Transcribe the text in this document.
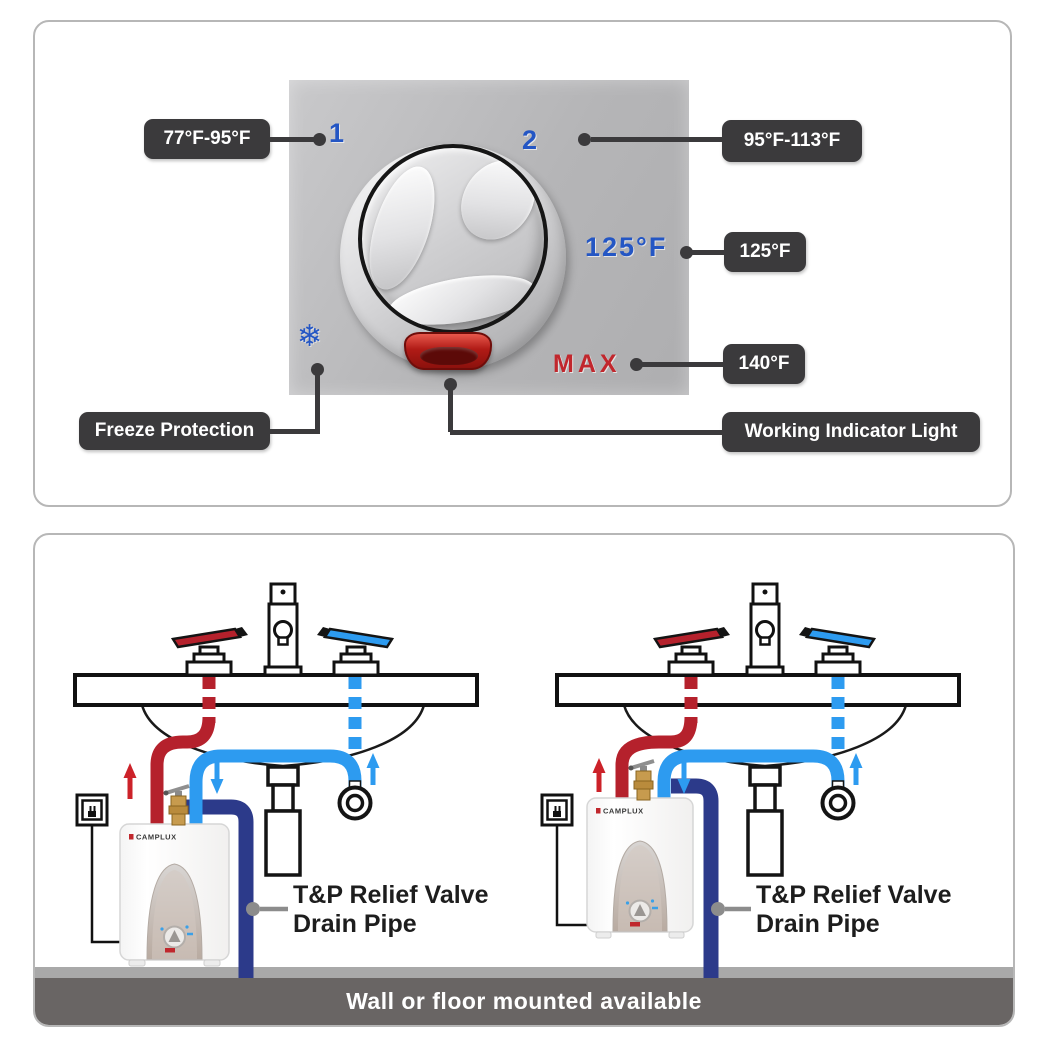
1	2
125°F
MAX
❄
77°F-95°F	95°F-113°F
125°F
140°F
Freeze Protection	Working Indicator Light
CAMPLUX
CAMPLUX
T&P Relief Valve
Drain Pipe
T&P Relief Valve
Drain Pipe
Wall or floor mounted available
